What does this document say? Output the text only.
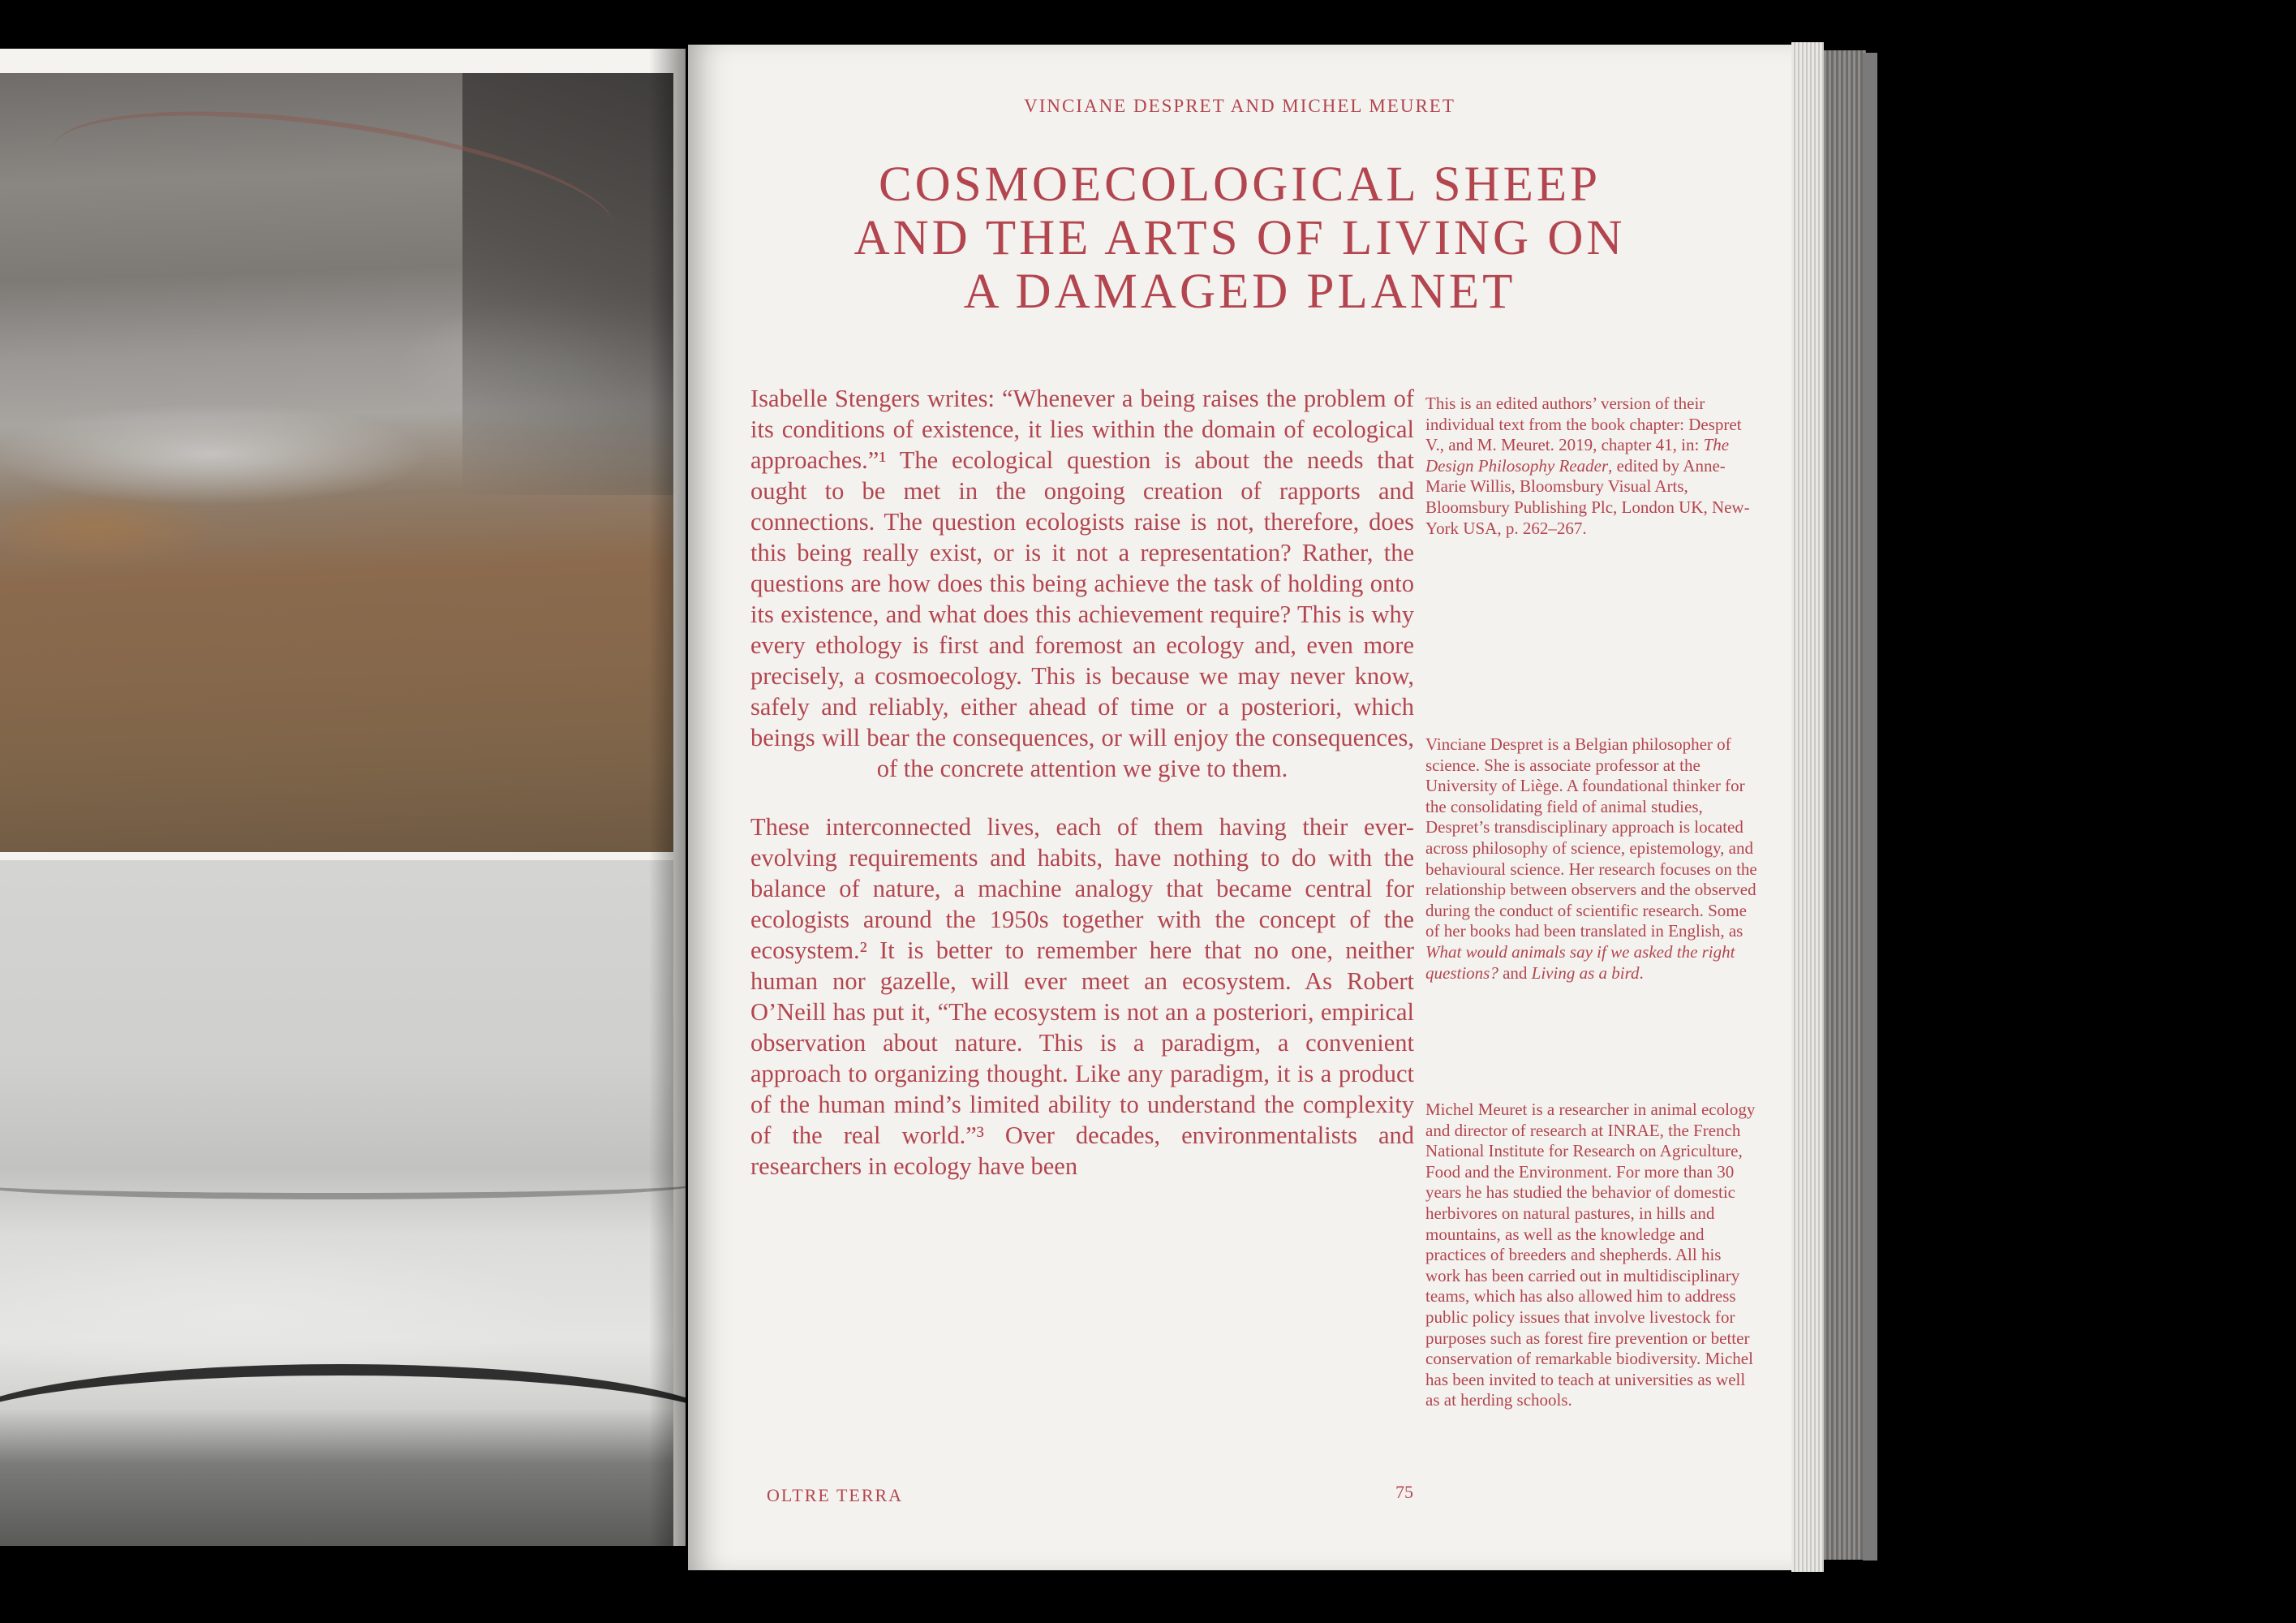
VINCIANE DESPRET AND MICHEL MEURET
COSMOECOLOGICAL SHEEP
AND THE ARTS OF LIVING ON
A DAMAGED PLANET

Isabelle Stengers writes: “Whenever a being raises the problem of its conditions of existence, it lies within the domain of ecological approaches.”¹ The ecological question is about the needs that ought to be met in the ongoing creation of rapports and connections. The question ecologists raise is not, therefore, does this being really exist, or is it not a representation? Rather, the questions are how does this being achieve the task of holding onto its existence, and what does this achievement require? This is why every ethology is first and foremost an ecology and, even more precisely, a cosmoecology. This is because we may never know, safely and reliably, either ahead of time or a posteriori, which beings will bear the consequences, or will enjoy the consequences, of the concrete attention we give to them.

These interconnected lives, each of them having their ever-evolving requirements and habits, have nothing to do with the balance of nature, a machine analogy that became central for ecologists around the 1950s together with the concept of the ecosystem.² It is better to remember here that no one, neither human nor gazelle, will ever meet an ecosystem. As Robert O’Neill has put it, “The ecosystem is not an a posteriori, empirical observation about nature. This is a paradigm, a convenient approach to organizing thought. Like any paradigm, it is a product of the human mind’s limited ability to understand the complexity of the real world.”³ Over decades, environmentalists and researchers in ecology have been

This is an edited authors’ version of their individual text from the book chapter: Despret V., and M. Meuret. 2019, chapter 41, in: The Design Philosophy Reader, edited by Anne-Marie Willis, Bloomsbury Visual Arts, Bloomsbury Publishing Plc, London UK, New-York USA, p. 262–267.

Vinciane Despret is a Belgian philosopher of science. She is associate professor at the University of Liège. A foundational thinker for the consolidating field of animal studies, Despret’s transdisciplinary approach is located across philosophy of science, epistemology, and behavioural science. Her research focuses on the relationship between observers and the observed during the conduct of scientific research. Some of her books had been translated in English, as What would animals say if we asked the right questions? and Living as a bird.

Michel Meuret is a researcher in animal ecology and director of research at INRAE, the French National Institute for Research on Agriculture, Food and the Environment. For more than 30 years he has studied the behavior of domestic herbivores on natural pastures, in hills and mountains, as well as the knowledge and practices of breeders and shepherds. All his work has been carried out in multidisciplinary teams, which has also allowed him to address public policy issues that involve livestock for purposes such as forest fire prevention or better conservation of remarkable biodiversity. Michel has been invited to teach at universities as well as at herding schools.

OLTRE TERRA	75
